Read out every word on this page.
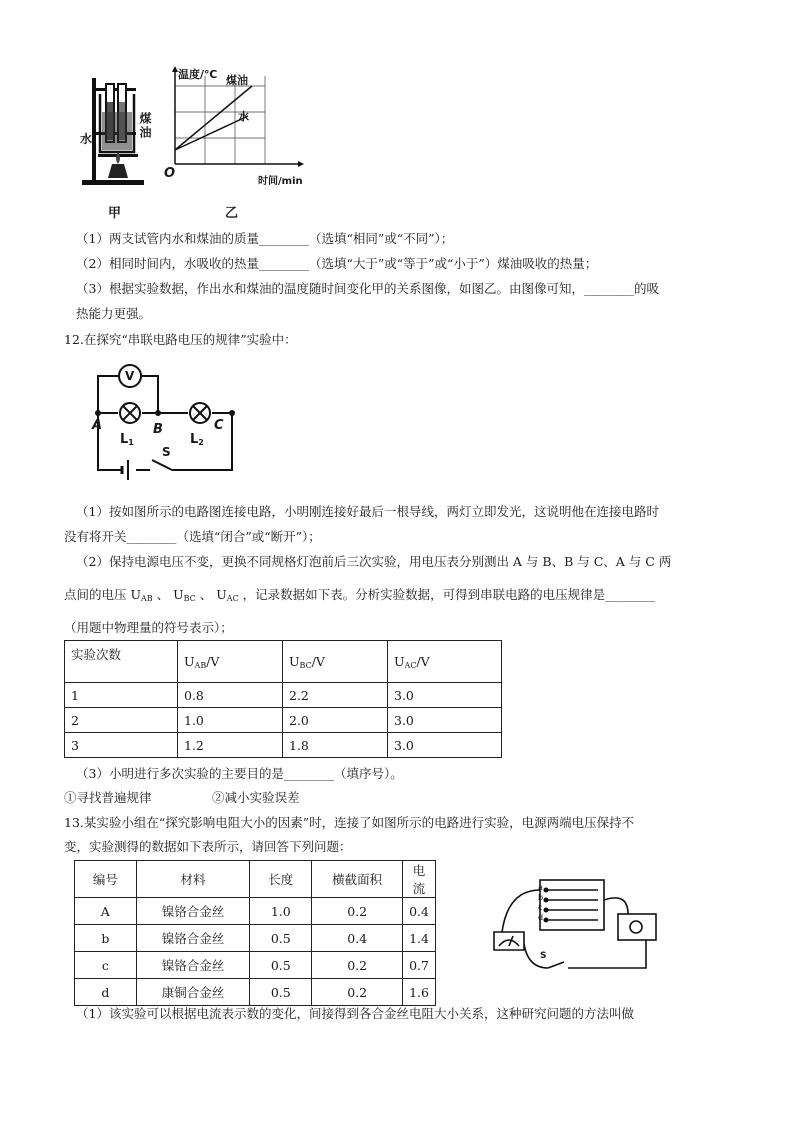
水	煤油
甲
温度/℃ 煤油
水
O
时间/min
乙
（1）两支试管内水和煤油的质量________（选填“相同”或“不同”）；
（2）相同时间内，水吸收的热量________（选填“大于”或“等于”或“小于”）煤油吸收的热量；
（3）根据实验数据，作出水和煤油的温度随时间变化甲的关系图像，如图乙。由图像可知，________的吸
热能力更强。
12.在探究“串联电路电压的规律”实验中：
V
A	B	C
$L_1$	$L_2$
S
（1）按如图所示的电路图连接电路，小明刚连接好最后一根导线，两灯立即发光，这说明他在连接电路时
没有将开关________（选填“闭合”或“断开”）；
（2）保持电源电压不变，更换不同规格灯泡前后三次实验，用电压表分别测出 A 与 B、B 与 C、A 与 C 两
点间的电压 $U_{AB}$ 、 $U_{BC}$ 、 $U_{AC}$ ，记录数据如下表。分析实验数据，可得到串联电路的电压规律是________
（用题中物理量的符号表示）；
实验次数	$U_{AB}/V$	$U_{BC}/V$	$U_{AC}/V$
1	0.8	2.2	3.0
2	1.0	2.0	3.0
3	1.2	1.8	3.0
（3）小明进行多次实验的主要目的是________（填序号）。
①寻找普遍规律	②减小实验误差
13.某实验小组在“探究影响电阻大小的因素”时，连接了如图所示的电路进行实验，电源两端电压保持不
变，实验测得的数据如下表所示，请回答下列问题：
编号	材料	长度	横截面积	电流
A	镍铬合金丝	1.0	0.2	0.4
b	镍铬合金丝	0.5	0.4	1.4
c	镍铬合金丝	0.5	0.2	0.7
d	康铜合金丝	0.5	0.2	1.6
a
b
c
d
S
（1）该实验可以根据电流表示数的变化，间接得到各合金丝电阻大小关系，这种研究问题的方法叫做
